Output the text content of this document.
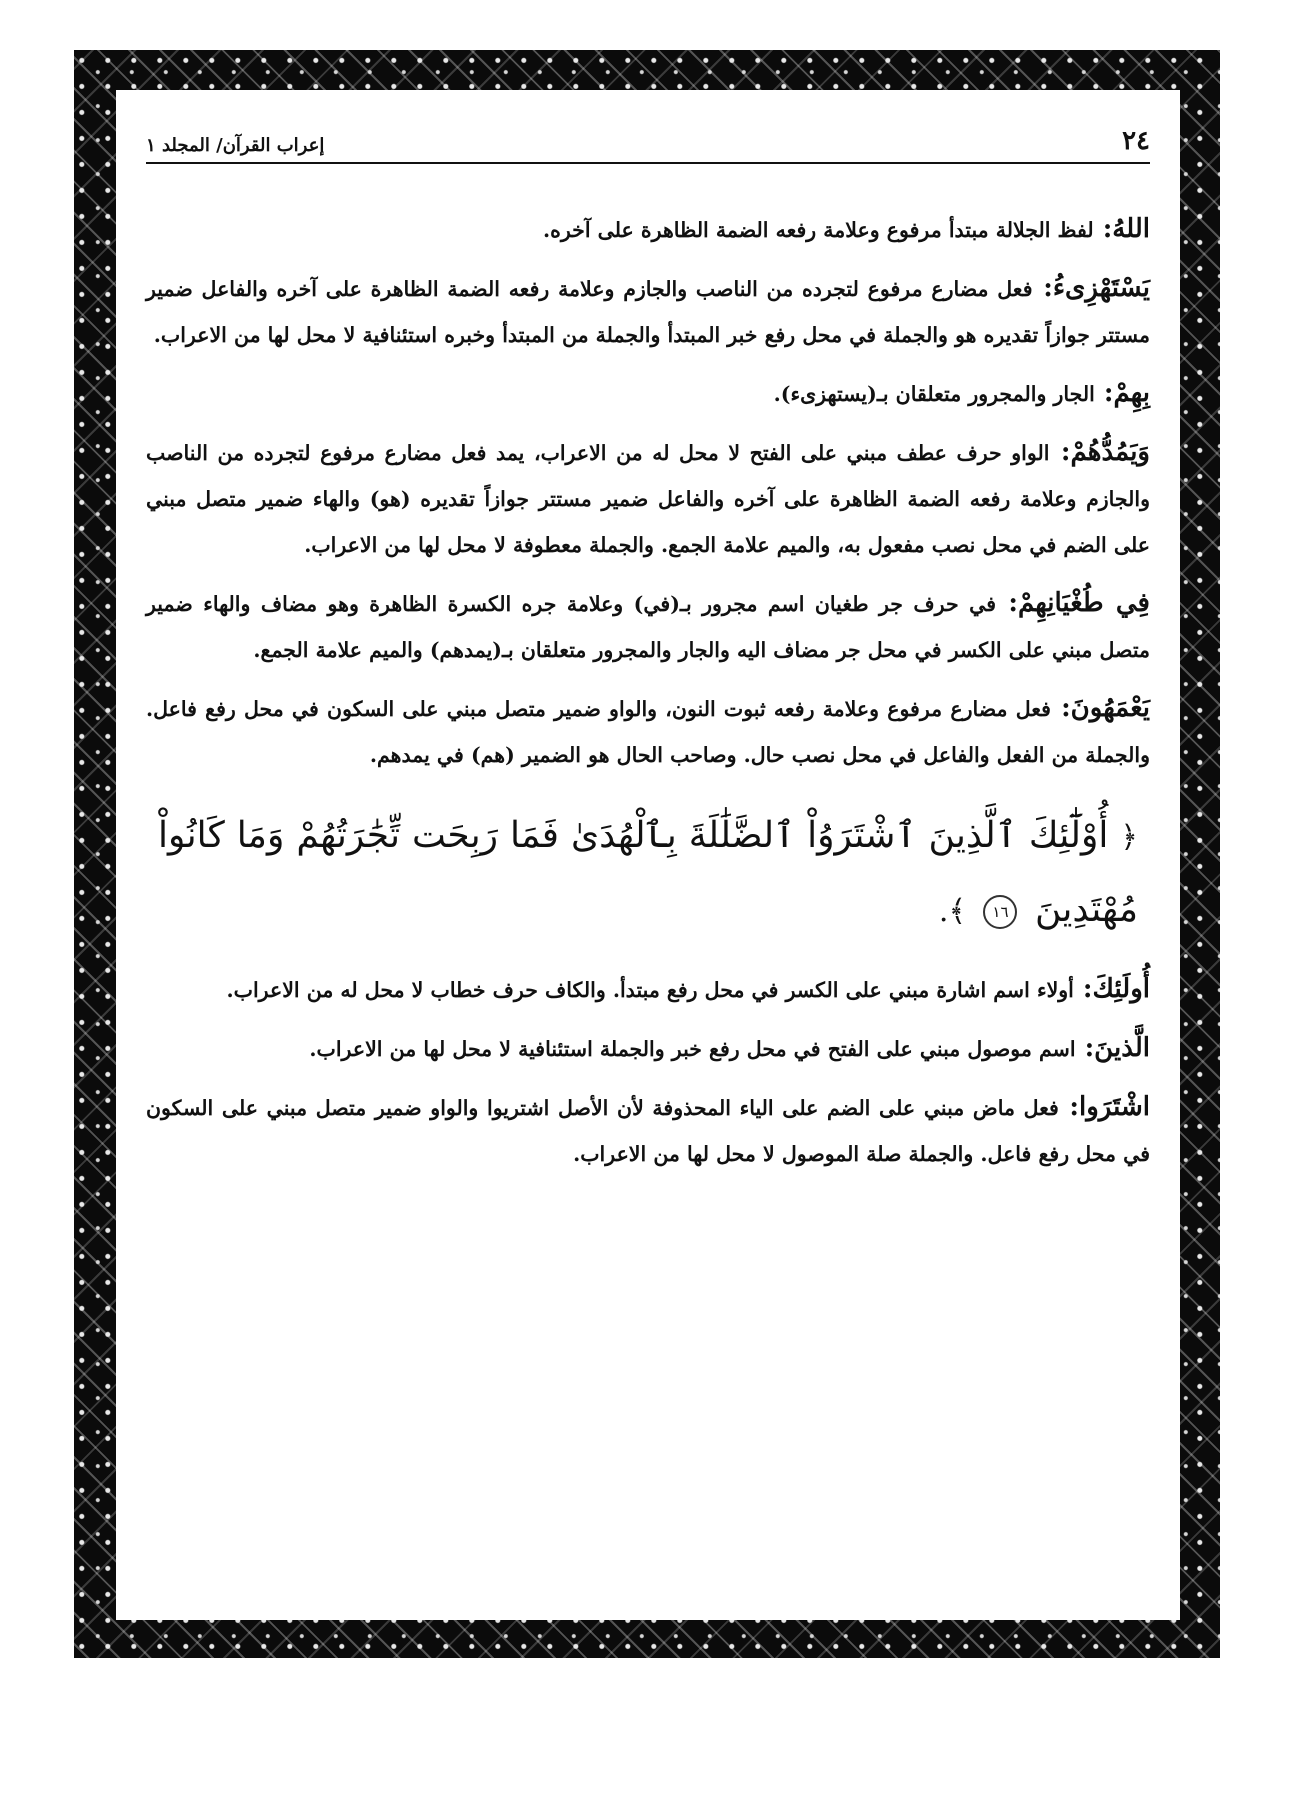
٢٤
إعراب القرآن/ المجلد ١

اللهُ : لفظ الجلالة مبتدأ مرفوع وعلامة رفعه الضمة الظاهرة على آخره.

يَسْتَهْزِىءُ : فعل مضارع مرفوع لتجرده من الناصب والجازم وعلامة رفعه الضمة الظاهرة على آخره والفاعل ضمير مستتر جوازاً تقديره هو والجملة في محل رفع خبر المبتدأ والجملة من المبتدأ وخبره استئنافية لا محل لها من الاعراب.

بِهِمْ : الجار والمجرور متعلقان بـ(يستهزىء).

وَيَمُدُّهُمْ : الواو حرف عطف مبني على الفتح لا محل له من الاعراب، يمد فعل مضارع مرفوع لتجرده من الناصب والجازم وعلامة رفعه الضمة الظاهرة على آخره والفاعل ضمير مستتر جوازاً تقديره (هو) والهاء ضمير متصل مبني على الضم في محل نصب مفعول به، والميم علامة الجمع. والجملة معطوفة لا محل لها من الاعراب.

فِي طُغْيَانِهِمْ : في حرف جر طغيان اسم مجرور بـ(في) وعلامة جره الكسرة الظاهرة وهو مضاف والهاء ضمير متصل مبني على الكسر في محل جر مضاف اليه والجار والمجرور متعلقان بـ(يمدهم) والميم علامة الجمع.

يَعْمَهُونَ : فعل مضارع مرفوع وعلامة رفعه ثبوت النون، والواو ضمير متصل مبني على السكون في محل رفع فاعل. والجملة من الفعل والفاعل في محل نصب حال. وصاحب الحال هو الضمير (هم) في يمدهم.

﴿ أُوْلَٰٓئِكَ ٱلَّذِينَ ٱشْتَرَوُاْ ٱلضَّلَٰلَةَ بِٱلْهُدَىٰ فَمَا رَبِحَت تِّجَٰرَتُهُمْ وَمَا كَانُواْ مُهْتَدِينَ ١٦ ﴾.

أُولَئِكَ : أولاء اسم اشارة مبني على الكسر في محل رفع مبتدأ. والكاف حرف خطاب لا محل له من الاعراب.

الَّذينَ : اسم موصول مبني على الفتح في محل رفع خبر والجملة استئنافية لا محل لها من الاعراب.

اشْتَرَوا : فعل ماض مبني على الضم على الياء المحذوفة لأن الأصل اشتريوا والواو ضمير متصل مبني على السكون في محل رفع فاعل. والجملة صلة الموصول لا محل لها من الاعراب.
